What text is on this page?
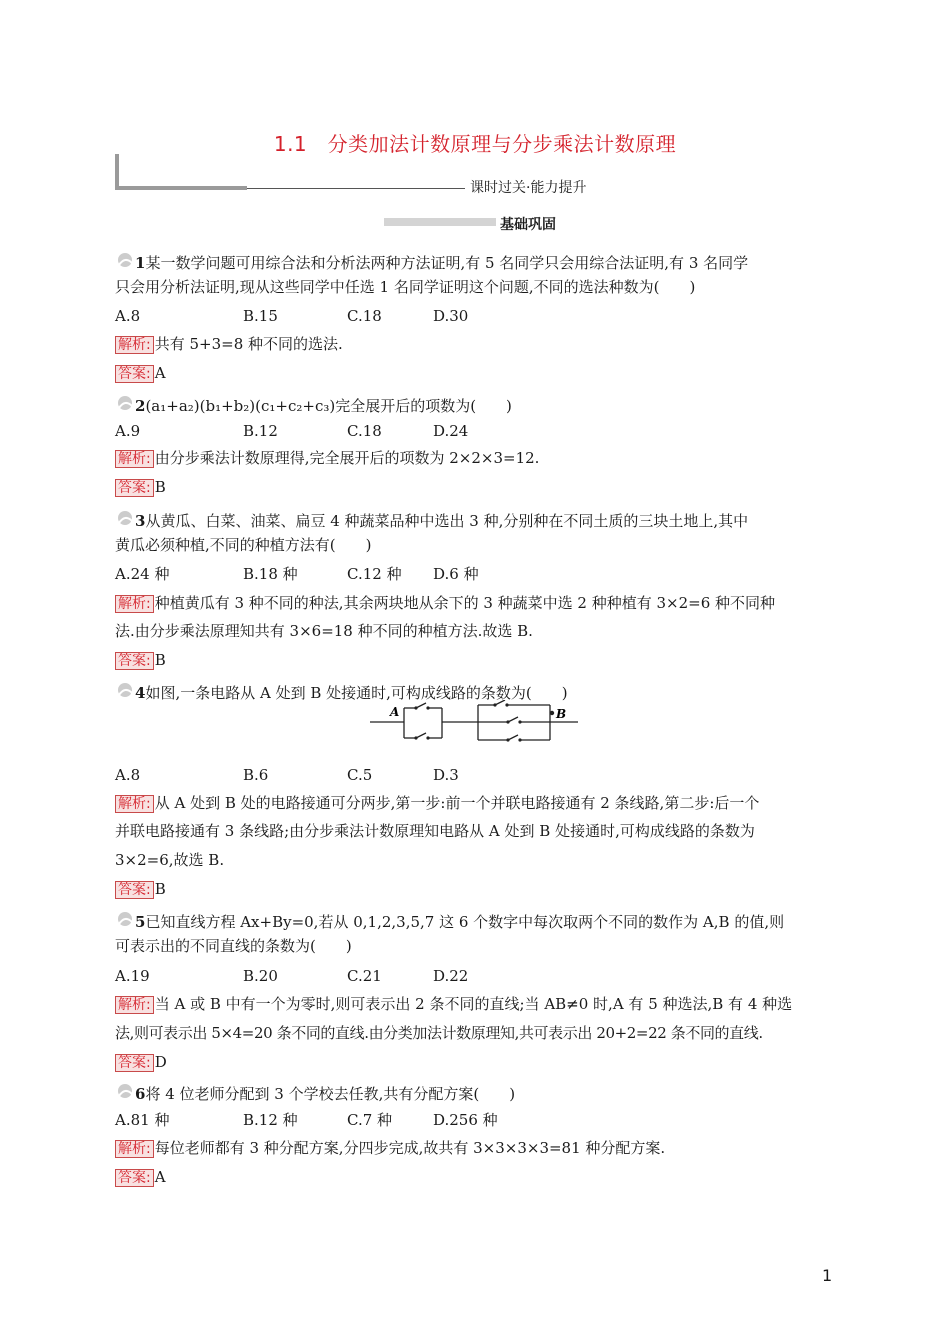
1.1　分类加法计数原理与分步乘法计数原理
课时过关·能力提升
基础巩固
1某一数学问题可用综合法和分析法两种方法证明,有 5 名同学只会用综合法证明,有 3 名同学
只会用分析法证明,现从这些同学中任选 1 名同学证明这个问题,不同的选法种数为(　　)
A.8	B.15	C.18	D.30
解析: 共有 5+3=8 种不同的选法.
答案: A
2(a₁+a₂)(b₁+b₂)(c₁+c₂+c₃)完全展开后的项数为(　　)
A.9	B.12	C.18	D.24
解析: 由分步乘法计数原理得,完全展开后的项数为 2×2×3=12.
答案: B
3从黄瓜、白菜、油菜、扁豆 4 种蔬菜品种中选出 3 种,分别种在不同土质的三块土地上,其中
黄瓜必须种植,不同的种植方法有(　　)
A.24 种	B.18 种	C.12 种 D.6 种
解析: 种植黄瓜有 3 种不同的种法,其余两块地从余下的 3 种蔬菜中选 2 种种植有 3×2=6 种不同种
法.由分步乘法原理知共有 3×6=18 种不同的种植方法.故选 B.
答案: B
4如图,一条电路从 A 处到 B 处接通时,可构成线路的条数为(　　)
A	B
A.8	B.6	C.5	D.3
解析: 从 A 处到 B 处的电路接通可分两步,第一步:前一个并联电路接通有 2 条线路,第二步:后一个
并联电路接通有 3 条线路;由分步乘法计数原理知电路从 A 处到 B 处接通时,可构成线路的条数为
3×2=6,故选 B.
答案: B
5已知直线方程 Ax+By=0,若从 0,1,2,3,5,7 这 6 个数字中每次取两个不同的数作为 A,B 的值,则
可表示出的不同直线的条数为(　　)
A.19	B.20	C.21	D.22
解析: 当 A 或 B 中有一个为零时,则可表示出 2 条不同的直线;当 AB≠0 时,A 有 5 种选法,B 有 4 种选
法,则可表示出 5×4=20 条不同的直线.由分类加法计数原理知,共可表示出 20+2=22 条不同的直线.
答案: D
6将 4 位老师分配到 3 个学校去任教,共有分配方案(　　)
A.81 种	B.12 种	C.7 种	D.256 种
解析: 每位老师都有 3 种分配方案,分四步完成,故共有 3×3×3×3=81 种分配方案.
答案: A
1
